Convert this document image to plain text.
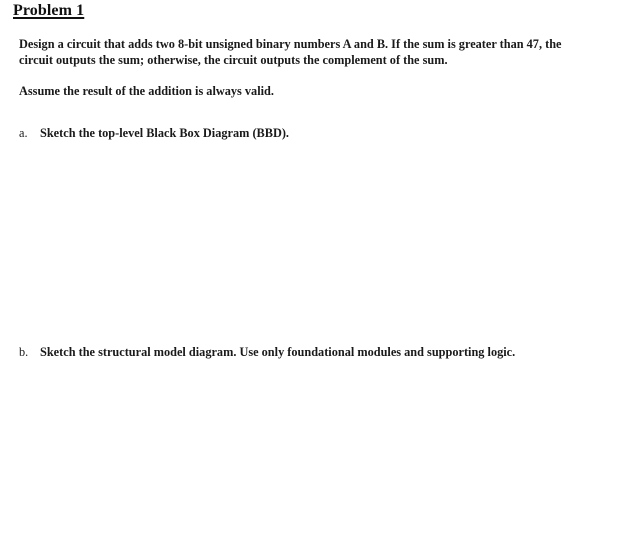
Problem 1
Design a circuit that adds two 8-bit unsigned binary numbers A and B. If the sum is greater than 47, the circuit outputs the sum; otherwise, the circuit outputs the complement of the sum.
Assume the result of the addition is always valid.
a. Sketch the top-level Black Box Diagram (BBD).
b. Sketch the structural model diagram. Use only foundational modules and supporting logic.
